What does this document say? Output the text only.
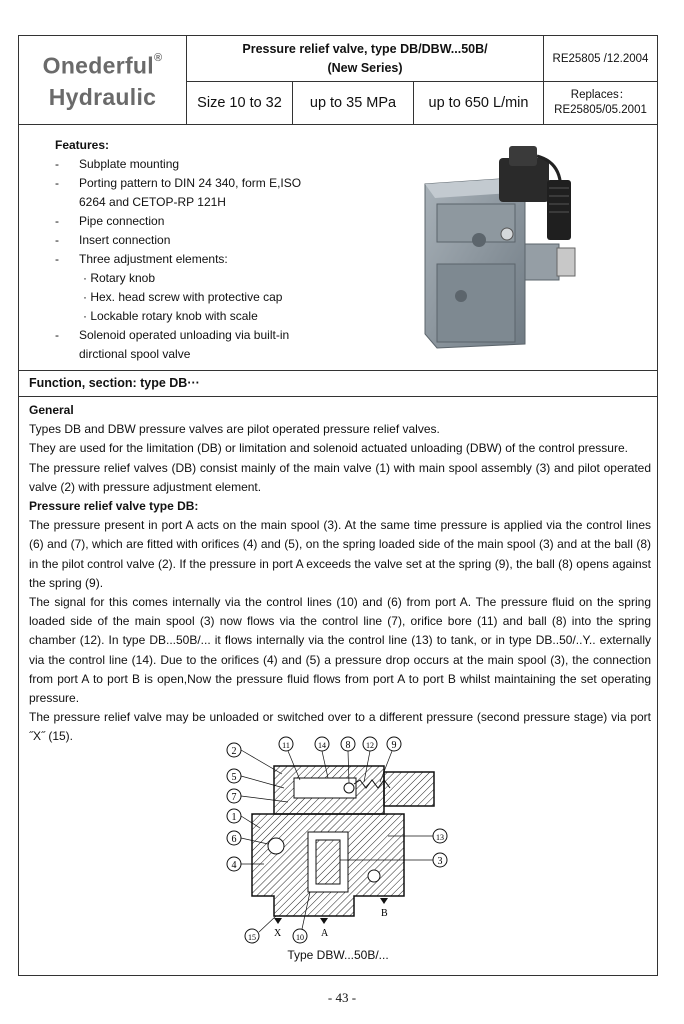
Onederful®
Hydraulic
Pressure relief valve, type DB/DBW...50B/
(New Series)
Size 10 to 32	up to 35 MPa	up to 650 L/min
RE25805 /12.2004
Replaces：
RE25805/05.2001
Features:
-	Subplate mounting
-	Porting pattern to DIN 24 340, form E,ISO 6264 and CETOP-RP 121H
-	Pipe connection
-	Insert connection
-	Three adjustment elements:
· Rotary knob
· Hex. head screw with protective cap
· Lockable rotary knob with scale
-	Solenoid operated unloading via built-in dirctional spool valve
Function, section: type DB···

General

Types DB and DBW pressure valves are pilot operated pressure relief valves.

They are used for the limitation (DB) or limitation and solenoid actuated unloading (DBW) of the control pressure.

The pressure relief valves (DB) consist mainly of the main valve (1) with main spool assembly (3) and pilot operated valve (2) with pressure adjustment element.

Pressure relief valve type DB:

The pressure present in port A acts on the main spool (3). At the same time pressure is applied via the control lines (6) and (7), which are fitted with orifices (4) and (5), on the spring loaded side of the main spool (3) and at the ball (8) in the pilot control valve (2). If the pressure in port A exceeds the valve set at the spring (9), the ball (8) opens against the spring (9).

The signal for this comes internally via the control lines (10) and (6) from port A. The pressure fluid on the spring loaded side of the main spool (3) now flows via the control line (7), orifice bore (11) and ball (8) into the spring chamber (12). In type DB...50B/... it flows internally via the control line (13) to tank, or in type DB..50/..Y.. externally via the control line (14). Due to the orifices (4) and (5) a pressure drop occurs at the main spool (3), the connection from port A to port B is open,Now the pressure fluid flows from port A to port B whilst maintaining the set operating pressure.

The pressure relief valve may be unloaded or switched over to a different pressure (second pressure stage) via port ˝X˝ (15).

X	A
B
2
5
7
1
6
4
15	10
11	14 8 12 9
13
3
Type DBW...50B/...
- 43 -
